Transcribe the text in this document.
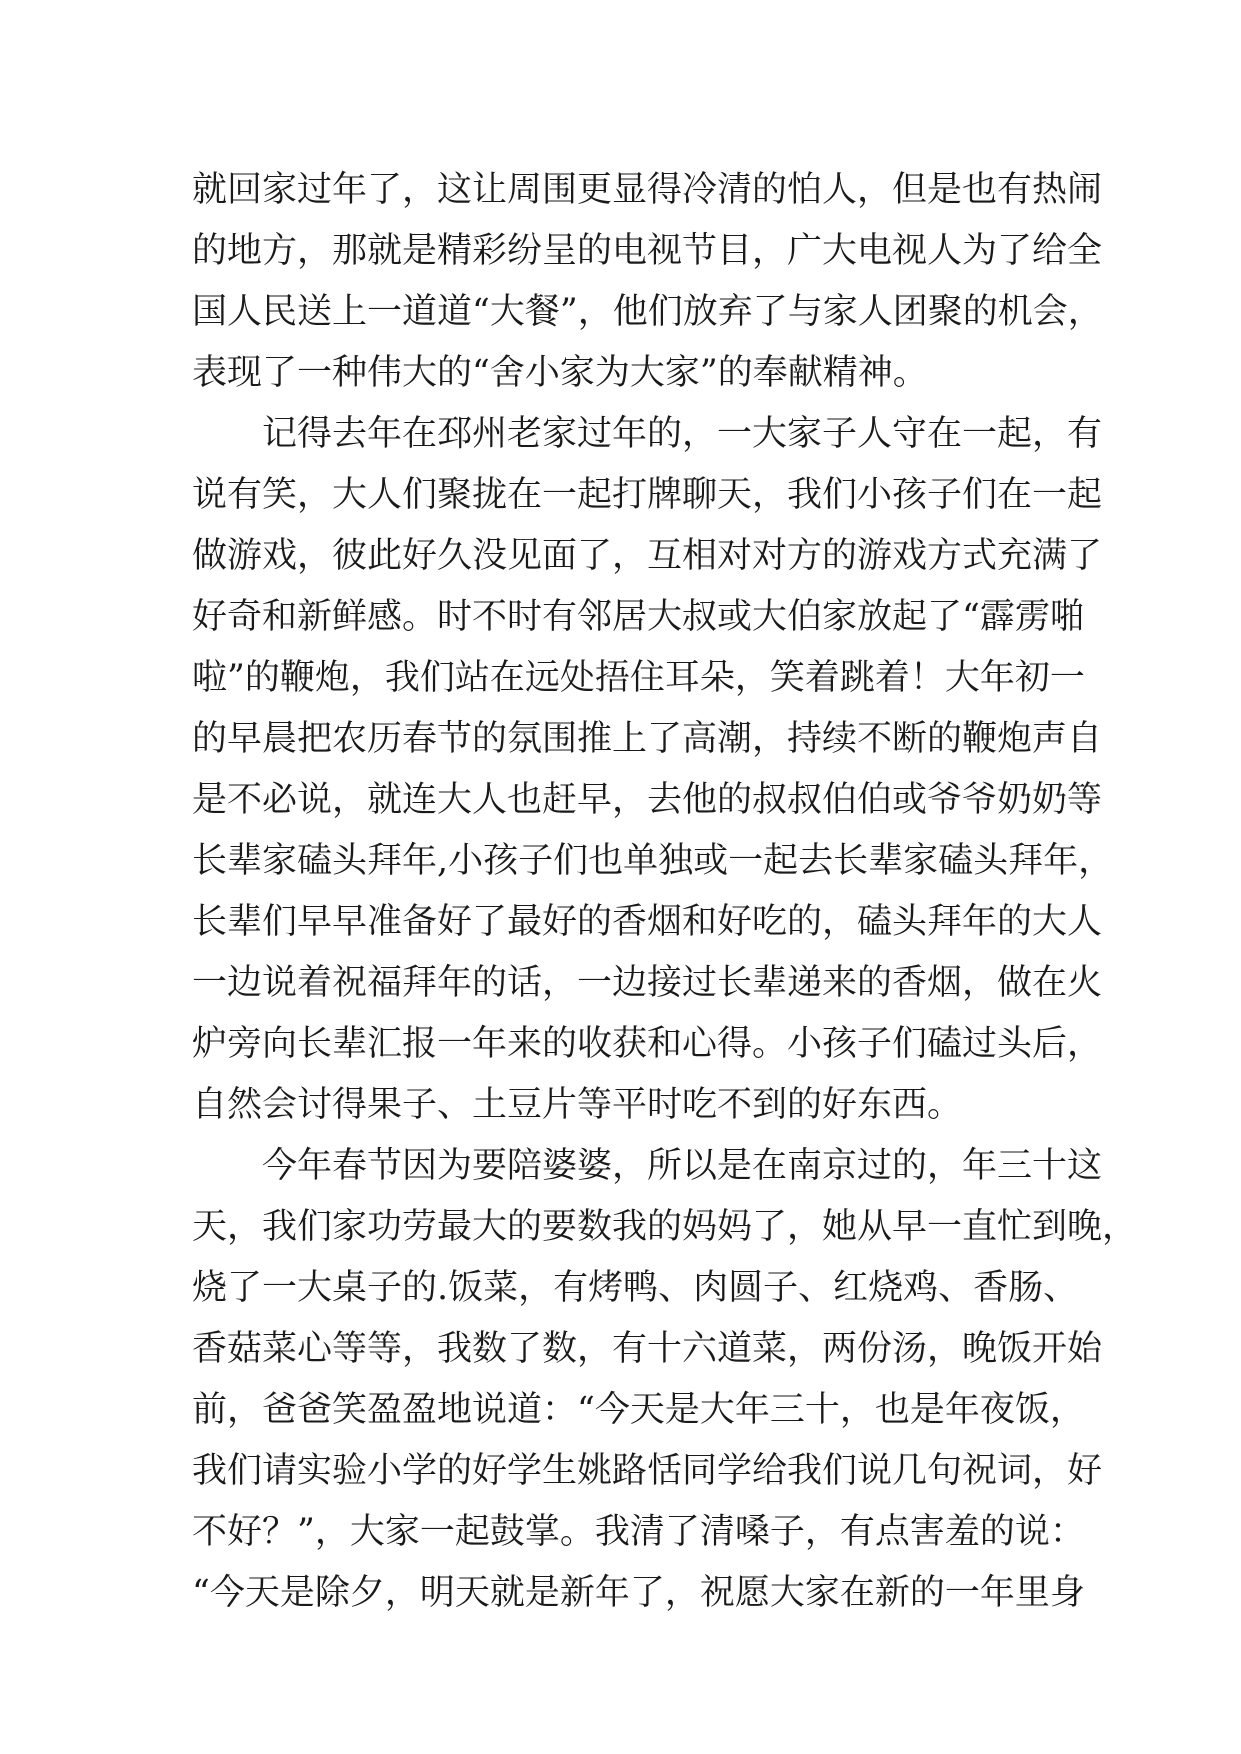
就回家过年了，这让周围更显得冷清的怕人，但是也有热闹
的地方，那就是精彩纷呈的电视节目，广大电视人为了给全
国人民送上一道道“大餐”，他们放弃了与家人团聚的机会，
表现了一种伟大的“舍小家为大家”的奉献精神。
　　记得去年在邳州老家过年的，一大家子人守在一起，有
说有笑，大人们聚拢在一起打牌聊天，我们小孩子们在一起
做游戏，彼此好久没见面了，互相对对方的游戏方式充满了
好奇和新鲜感。时不时有邻居大叔或大伯家放起了“霹雳啪
啦”的鞭炮，我们站在远处捂住耳朵，笑着跳着！大年初一
的早晨把农历春节的氛围推上了高潮，持续不断的鞭炮声自
是不必说，就连大人也赶早，去他的叔叔伯伯或爷爷奶奶等
长辈家磕头拜年,小孩子们也单独或一起去长辈家磕头拜年，
长辈们早早准备好了最好的香烟和好吃的，磕头拜年的大人
一边说着祝福拜年的话，一边接过长辈递来的香烟，做在火
炉旁向长辈汇报一年来的收获和心得。小孩子们磕过头后，
自然会讨得果子、土豆片等平时吃不到的好东西。
　　今年春节因为要陪婆婆，所以是在南京过的，年三十这
天，我们家功劳最大的要数我的妈妈了，她从早一直忙到晚，
烧了一大桌子的.饭菜，有烤鸭、肉圆子、红烧鸡、香肠、
香菇菜心等等，我数了数，有十六道菜，两份汤，晚饭开始
前，爸爸笑盈盈地说道：“今天是大年三十，也是年夜饭，
我们请实验小学的好学生姚路恬同学给我们说几句祝词，好
不好？”，大家一起鼓掌。我清了清嗓子，有点害羞的说：
“今天是除夕，明天就是新年了，祝愿大家在新的一年里身
